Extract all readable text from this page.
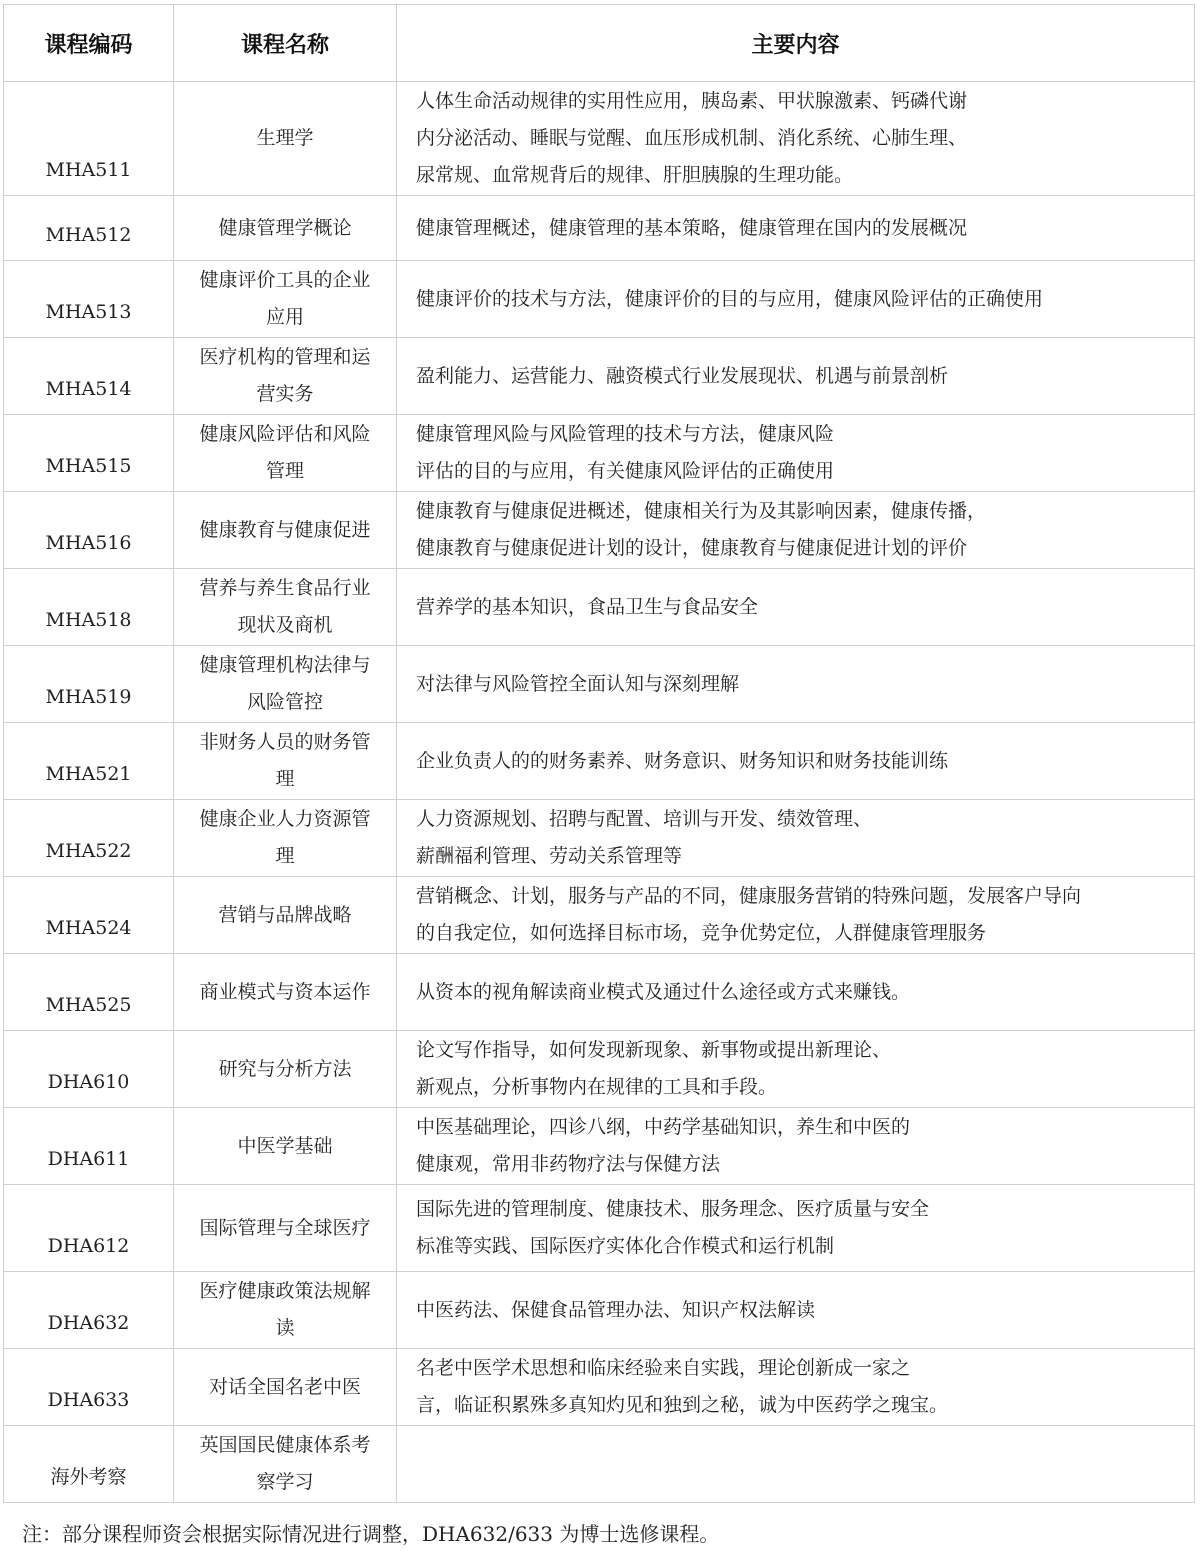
课程编码	课程名称	主要内容
MHA511	生理学	人体生命活动规律的实用性应用，胰岛素、甲状腺激素、钙磷代谢
内分泌活动、睡眠与觉醒、血压形成机制、消化系统、心肺生理、
尿常规、血常规背后的规律、肝胆胰腺的生理功能。
MHA512	健康管理学概论	健康管理概述，健康管理的基本策略，健康管理在国内的发展概况
MHA513	健康评价工具的企业应用	健康评价的技术与方法，健康评价的目的与应用，健康风险评估的正确使用
MHA514	医疗机构的管理和运营实务	盈利能力、运营能力、融资模式行业发展现状、机遇与前景剖析
MHA515	健康风险评估和风险管理	健康管理风险与风险管理的技术与方法，健康风险
评估的目的与应用，有关健康风险评估的正确使用
MHA516	健康教育与健康促进	健康教育与健康促进概述，健康相关行为及其影响因素，健康传播，
健康教育与健康促进计划的设计，健康教育与健康促进计划的评价
MHA518	营养与养生食品行业现状及商机	营养学的基本知识，食品卫生与食品安全
MHA519	健康管理机构法律与风险管控	对法律与风险管控全面认知与深刻理解
MHA521	非财务人员的财务管理	企业负责人的的财务素养、财务意识、财务知识和财务技能训练
MHA522	健康企业人力资源管理	人力资源规划、招聘与配置、培训与开发、绩效管理、
薪酬福利管理、劳动关系管理等
MHA524	营销与品牌战略	营销概念、计划，服务与产品的不同，健康服务营销的特殊问题，发展客户导向
的自我定位，如何选择目标市场，竞争优势定位，人群健康管理服务
MHA525	商业模式与资本运作	从资本的视角解读商业模式及通过什么途径或方式来赚钱。
DHA610	研究与分析方法	论文写作指导，如何发现新现象、新事物或提出新理论、
新观点，分析事物内在规律的工具和手段。
DHA611	中医学基础	中医基础理论，四诊八纲，中药学基础知识，养生和中医的
健康观，常用非药物疗法与保健方法
DHA612	国际管理与全球医疗	国际先进的管理制度、健康技术、服务理念、医疗质量与安全
标准等实践、国际医疗实体化合作模式和运行机制
DHA632	医疗健康政策法规解读	中医药法、保健食品管理办法、知识产权法解读
DHA633	对话全国名老中医	名老中医学术思想和临床经验来自实践，理论创新成一家之
言，临证积累殊多真知灼见和独到之秘，诚为中医药学之瑰宝。
海外考察	英国国民健康体系考察学习	
注：部分课程师资会根据实际情况进行调整，DHA632/633 为博士选修课程。
